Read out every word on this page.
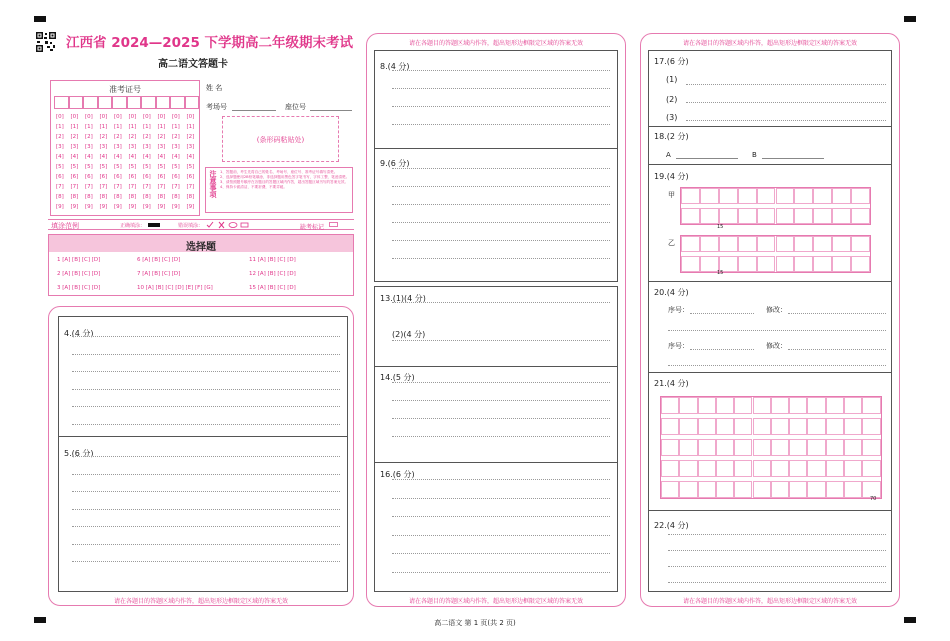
江西省 2024—2025 下学期高二年级期末考试
高二语文答题卡
准考证号
[0] [0] [0] [0] [0] [0] [0] [0] [0] [0]
[1] [1] [1] [1] [1] [1] [1] [1] [1] [1]
[2] [2] [2] [2] [2] [2] [2] [2] [2] [2]
[3] [3] [3] [3] [3] [3] [3] [3] [3] [3]
[4] [4] [4] [4] [4] [4] [4] [4] [4] [4]
[5] [5] [5] [5] [5] [5] [5] [5] [5] [5]
[6] [6] [6] [6] [6] [6] [6] [6] [6] [6]
[7] [7] [7] [7] [7] [7] [7] [7] [7] [7]
[8] [8] [8] [8] [8] [8] [8] [8] [8] [8]
[9] [9] [9] [9] [9] [9] [9] [9] [9] [9]
姓 名
考场号	座位号
(条形码粘贴处)
注意事项 1、答题前，考生先将自己的姓名、考场号、座位号、准考证号填写清楚。
2、选择题使用2B铅笔填涂，非选择题用黑色签字笔书写，字体工整、笔迹清楚。
3、请按照题号顺序在各题目的答题区域内作答，超出答题区域书写的答案无效。
4、保持卡面清洁，不要折叠，不要弄破。
填涂范例	正确填涂：	错误填涂：	缺考标记
选择题
1 [A] [B] [C] [D]	6 [A] [B] [C] [D]	11 [A] [B] [C] [D]
2 [A] [B] [C] [D]	7 [A] [B] [C] [D]	12 [A] [B] [C] [D]
3 [A] [B] [C] [D]	10 [A] [B] [C] [D] [E] [F] [G]	15 [A] [B] [C] [D]
4.(4 分)
5.(6 分)
请在各题目的答题区域内作答，超出矩形边框限定区域的答案无效
请在各题目的答题区域内作答，超出矩形边框限定区域的答案无效
8.(4 分)
9.(6 分)
13.(1)(4 分)
(2)(4 分)
14.(5 分)
16.(6 分)
请在各题目的答题区域内作答，超出矩形边框限定区域的答案无效
请在各题目的答题区域内作答，超出矩形边框限定区域的答案无效
17.(6 分)
(1)
(2)
(3)
18.(2 分)
A	B
19.(4 分)
甲
乙
15
15
20.(4 分)
序号：	修改：
序号：	修改：
21.(4 分)
70
22.(4 分)
请在各题目的答题区域内作答，超出矩形边框限定区域的答案无效
高二语文 第 1 页(共 2 页)
